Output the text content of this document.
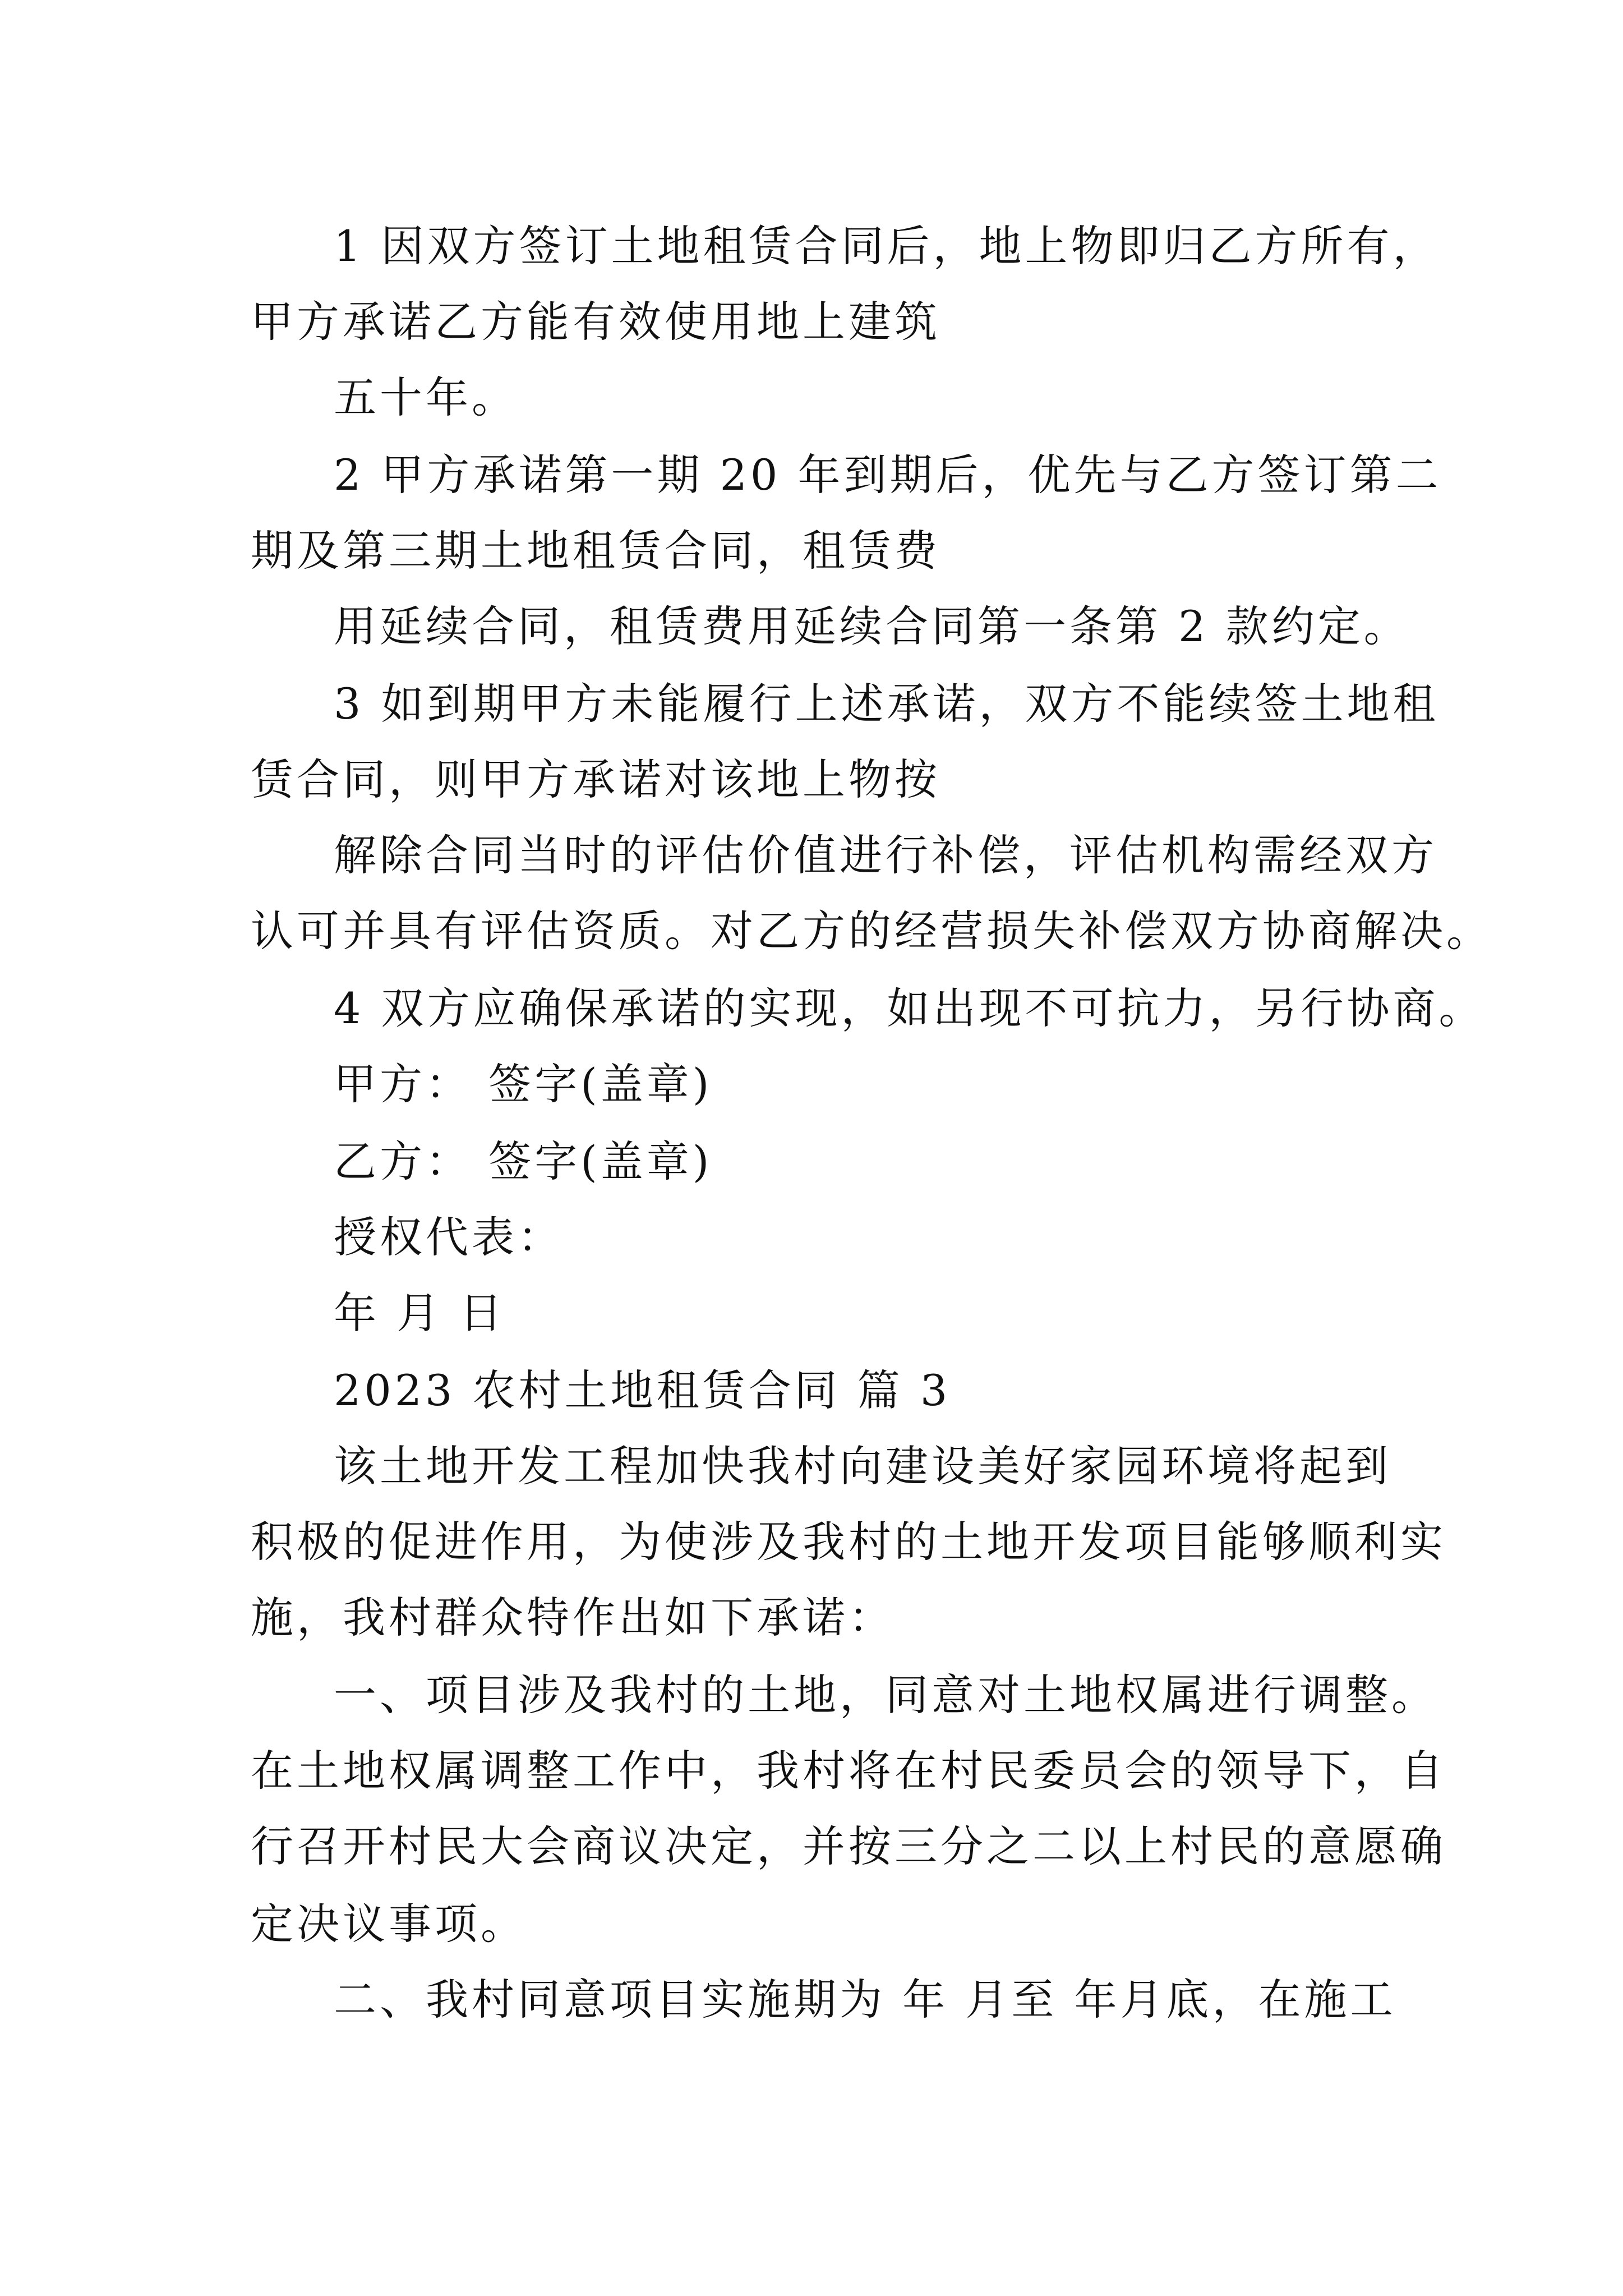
1 因双方签订土地租赁合同后，地上物即归乙方所有，
甲方承诺乙方能有效使用地上建筑
五十年。
2 甲方承诺第一期 20 年到期后，优先与乙方签订第二
期及第三期土地租赁合同，租赁费
用延续合同，租赁费用延续合同第一条第 2 款约定。
3 如到期甲方未能履行上述承诺，双方不能续签土地租
赁合同，则甲方承诺对该地上物按
解除合同当时的评估价值进行补偿，评估机构需经双方
认可并具有评估资质。对乙方的经营损失补偿双方协商解决。
4 双方应确保承诺的实现，如出现不可抗力，另行协商。
甲方： 签字(盖章)
乙方： 签字(盖章)
授权代表：
年 月 日
2023 农村土地租赁合同 篇 3
该土地开发工程加快我村向建设美好家园环境将起到
积极的促进作用，为使涉及我村的土地开发项目能够顺利实
施，我村群众特作出如下承诺：
一、项目涉及我村的土地，同意对土地权属进行调整。
在土地权属调整工作中，我村将在村民委员会的领导下，自
行召开村民大会商议决定，并按三分之二以上村民的意愿确
定决议事项。
二、我村同意项目实施期为 年 月至 年月底，在施工
